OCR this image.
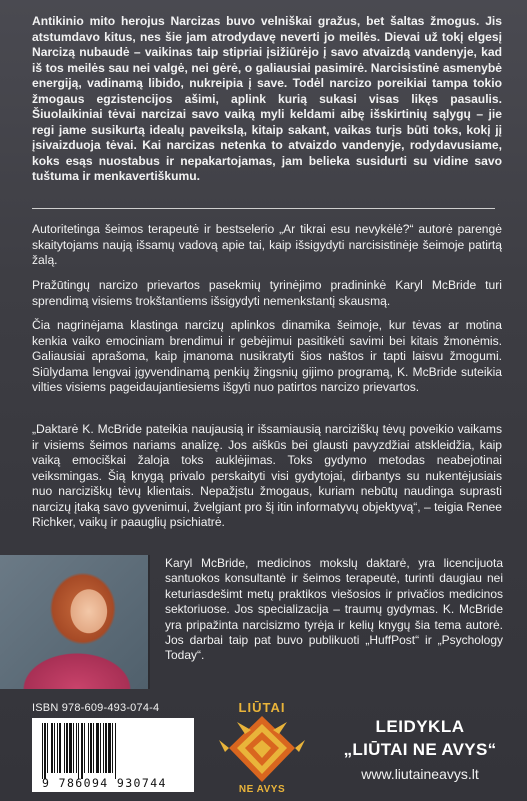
Antikinio mito herojus Narcizas buvo velniškai gražus, bet šaltas žmogus. Jis atstumdavo kitus, nes šie jam atrodydavę neverti jo meilės. Dievai už tokį elgesį Narcizą nubaudė – vaikinas taip stipriai įsižiūrėjo į savo atvaizdą vandenyje, kad iš tos meilės sau nei valgė, nei gėrė, o galiausiai pasimirė. Narcisistinė asmenybė energiją, vadinamą libido, nukreipia į save. Todėl narcizo poreikiai tampa tokio žmogaus egzistencijos ašimi, aplink kurią sukasi visas likęs pasaulis. Šiuolaikiniai tėvai narcizai savo vaiką myli keldami aibę išskirtinių sąlygų – jie regi jame susikurtą idealų paveikslą, kitaip sakant, vaikas turįs būti toks, kokį jį įsivaizduoja tėvai. Kai narcizas netenka to atvaizdo vandenyje, rodydavusiame, koks esąs nuostabus ir nepakartojamas, jam belieka susidurti su vidine savo tuštuma ir menkavertiškumu.

Autoritetinga šeimos terapeutė ir bestselerio „Ar tikrai esu nevykėlė?“ autorė parengė skaitytojams naują išsamų vadovą apie tai, kaip išsigydyti narcisistinėje šeimoje patirtą žalą.

Pražūtingų narcizo prievartos pasekmių tyrinėjimo pradininkė Karyl McBride turi sprendimą visiems trokštantiems išsigydyti nemenkstantį skausmą.

Čia nagrinėjama klastinga narcizų aplinkos dinamika šeimoje, kur tėvas ar motina kenkia vaiko emociniam brendimui ir gebėjimui pasitikėti savimi bei kitais žmonėmis. Galiausiai aprašoma, kaip įmanoma nusikratyti šios naštos ir tapti laisvu žmogumi. Siūlydama lengvai įgyvendinamą penkių žingsnių gijimo programą, K. McBride suteikia vilties visiems pageidaujantiesiems išgyti nuo patirtos narcizo prievartos.

„Daktarė K. McBride pateikia naujausią ir išsamiausią narciziškų tėvų poveikio vaikams ir visiems šeimos nariams analizę. Jos aiškūs bei glausti pavyzdžiai atskleidžia, kaip vaiką emociškai žaloja toks auklėjimas. Toks gydymo metodas neabejotinai veiksmingas. Šią knygą privalo perskaityti visi gydytojai, dirbantys su nukentėjusiais nuo narciziškų tėvų klientais. Nepažįstu žmogaus, kuriam nebūtų naudinga suprasti narcizų įtaką savo gyvenimui, žvelgiant pro šį itin informatyvų objektyvą“, – teigia Renee Richker, vaikų ir paauglių psichiatrė.

Karyl McBride, medicinos mokslų daktarė, yra licencijuota santuokos konsultantė ir šeimos terapeutė, turinti daugiau nei keturiasdešimt metų praktikos viešosios ir privačios medicinos sektoriuose. Jos specializacija – traumų gydymas. K. McBride yra pripažinta narcisizmo tyrėja ir kelių knygų šia tema autorė. Jos darbai taip pat buvo publikuoti „HuffPost“ ir „Psychology Today“.

ISBN 978-609-493-074-4
9 786094 930744
LIŪTAI
NE AVYS
LEIDYKLA
„LIŪTAI NE AVYS“
www.liutaineavys.lt
